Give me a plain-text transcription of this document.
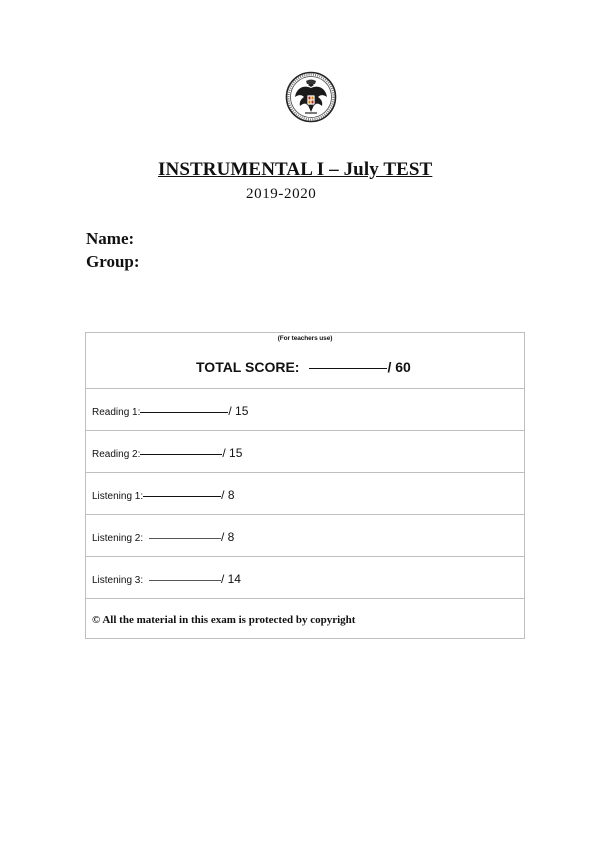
INSTRUMENTAL I – July TEST
2019-2020
Name:
Group:
(For teachers use)
TOTAL SCORE:	/ 60
Reading 1:	/ 15
Reading 2:	/ 15
Listening 1:	/ 8
Listening 2:	/ 8
Listening 3:	/ 14
© All the material in this exam is protected by copyright
